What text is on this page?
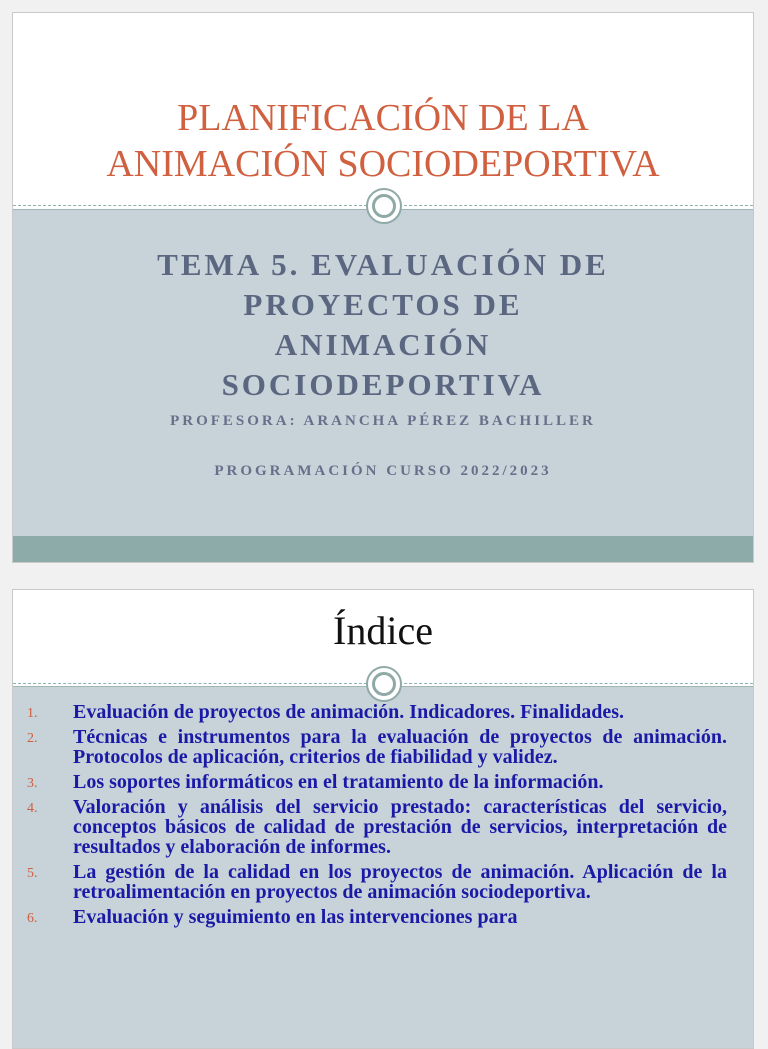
PLANIFICACIÓN DE LA
ANIMACIÓN SOCIODEPORTIVA
TEMA 5. EVALUACIÓN DE
PROYECTOS DE
ANIMACIÓN
SOCIODEPORTIVA
PROFESORA: ARANCHA PÉREZ BACHILLER
PROGRAMACIÓN CURSO 2022/2023
Índice
1.	Evaluación de proyectos de animación. Indicadores. Finalidades.
2.	Técnicas e instrumentos para la evaluación de proyectos de animación. Protocolos de aplicación, criterios de fiabilidad y validez.
3.	Los soportes informáticos en el tratamiento de la información.
4.	Valoración y análisis del servicio prestado: características del servicio, conceptos básicos de calidad de prestación de servicios, interpretación de resultados y elaboración de informes.
5.	La gestión de la calidad en los proyectos de animación. Aplicación de la retroalimentación en proyectos de animación sociodeportiva.
6.	Evaluación y seguimiento en las intervenciones para
